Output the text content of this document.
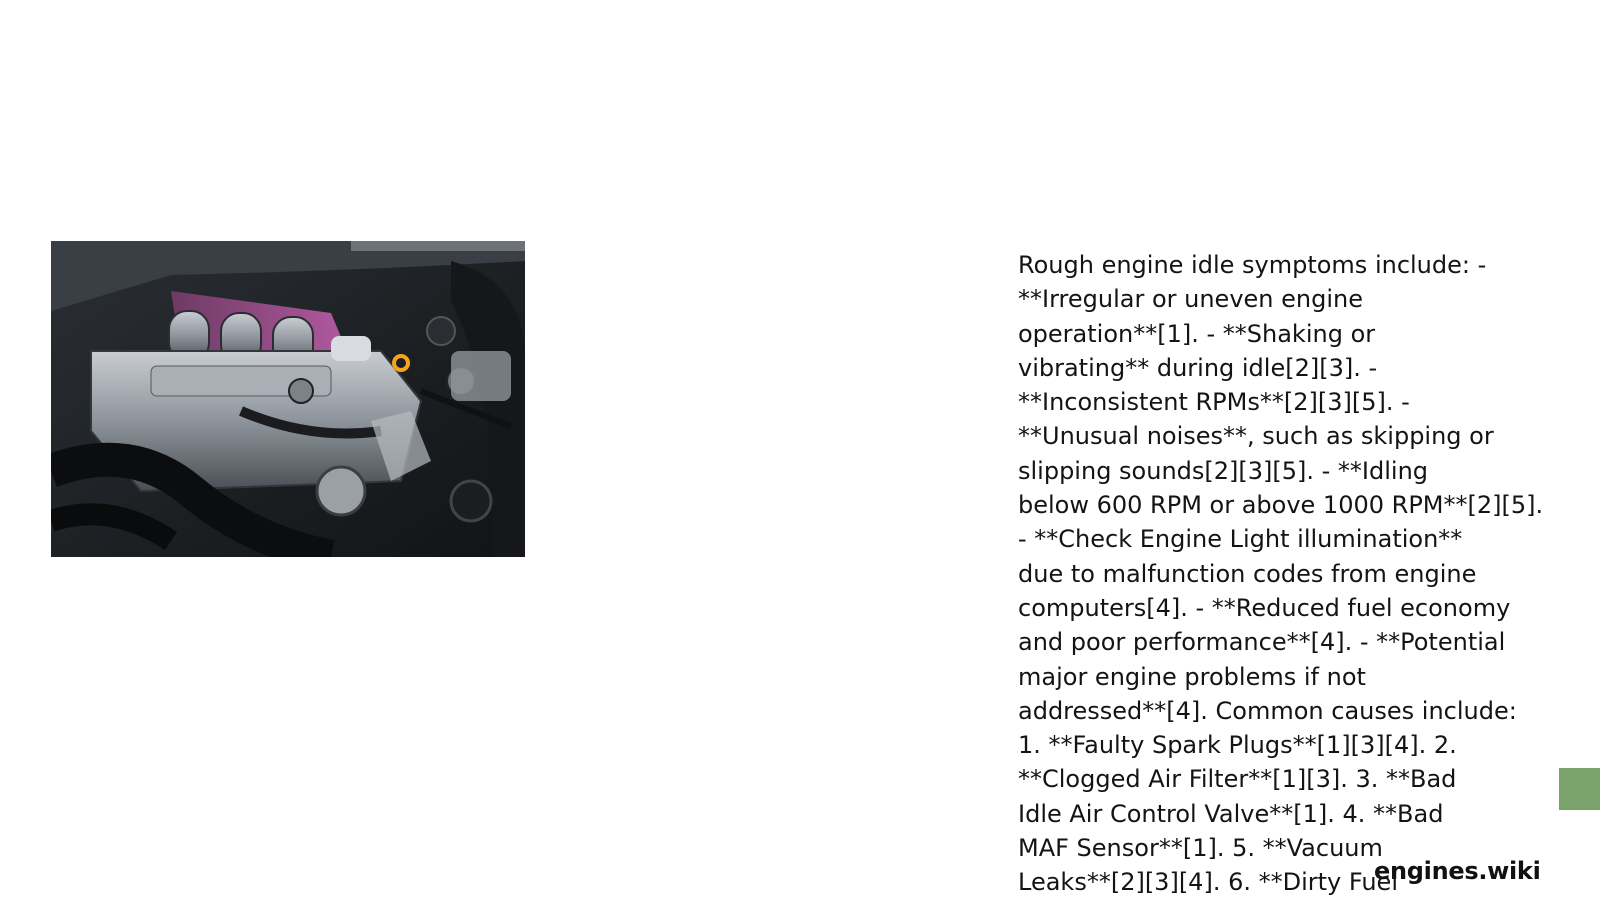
Rough engine idle symptoms include: -
**Irregular or uneven engine
operation**[1]. - **Shaking or
vibrating** during idle[2][3]. -
**Inconsistent RPMs**[2][3][5]. -
**Unusual noises**, such as skipping or
slipping sounds[2][3][5]. - **Idling
below 600 RPM or above 1000 RPM**[2][5].
- **Check Engine Light illumination**
due to malfunction codes from engine
computers[4]. - **Reduced fuel economy
and poor performance**[4]. - **Potential
major engine problems if not
addressed**[4]. Common causes include:
1. **Faulty Spark Plugs**[1][3][4]. 2.
**Clogged Air Filter**[1][3]. 3. **Bad
Idle Air Control Valve**[1]. 4. **Bad
MAF Sensor**[1]. 5. **Vacuum
Leaks**[2][3][4]. 6. **Dirty Fuel

engines.wiki
